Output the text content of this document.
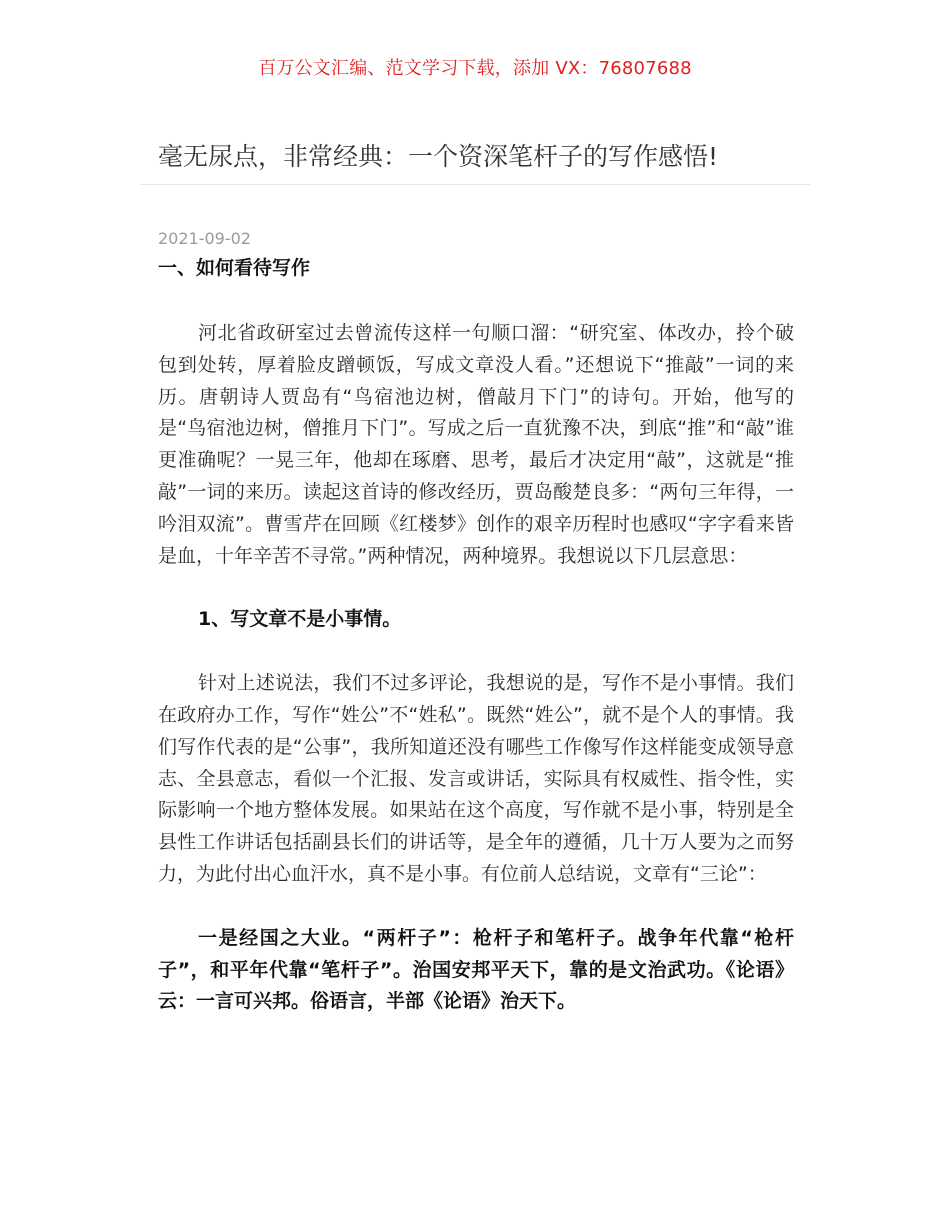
百万公文汇编、范文学习下载，添加 VX：76807688
毫无尿点，非常经典：一个资深笔杆子的写作感悟!
2021-09-02

一、如何看待写作

河北省政研室过去曾流传这样一句顺口溜：“研究室、体改办，拎个破包到处转，厚着脸皮蹭顿饭，写成文章没人看。”还想说下“推敲”一词的来历。唐朝诗人贾岛有“鸟宿池边树，僧敲月下门”的诗句。开始，他写的是“鸟宿池边树，僧推月下门”。写成之后一直犹豫不决，到底“推”和“敲”谁更准确呢？一晃三年，他却在琢磨、思考，最后才决定用“敲”，这就是“推敲”一词的来历。读起这首诗的修改经历，贾岛酸楚良多：“两句三年得，一吟泪双流”。曹雪芹在回顾《红楼梦》创作的艰辛历程时也感叹“字字看来皆是血，十年辛苦不寻常。”两种情况，两种境界。我想说以下几层意思：

1、写文章不是小事情。

针对上述说法，我们不过多评论，我想说的是，写作不是小事情。我们在政府办工作，写作“姓公”不“姓私”。既然“姓公”，就不是个人的事情。我们写作代表的是“公事”，我所知道还没有哪些工作像写作这样能变成领导意志、全县意志，看似一个汇报、发言或讲话，实际具有权威性、指令性，实际影响一个地方整体发展。如果站在这个高度，写作就不是小事，特别是全县性工作讲话包括副县长们的讲话等，是全年的遵循，几十万人要为之而努力，为此付出心血汗水，真不是小事。有位前人总结说，文章有“三论”：

一是经国之大业。“两杆子”：枪杆子和笔杆子。战争年代靠“枪杆子”，和平年代靠“笔杆子”。治国安邦平天下，靠的是文治武功。《论语》云：一言可兴邦。俗语言，半部《论语》治天下。
